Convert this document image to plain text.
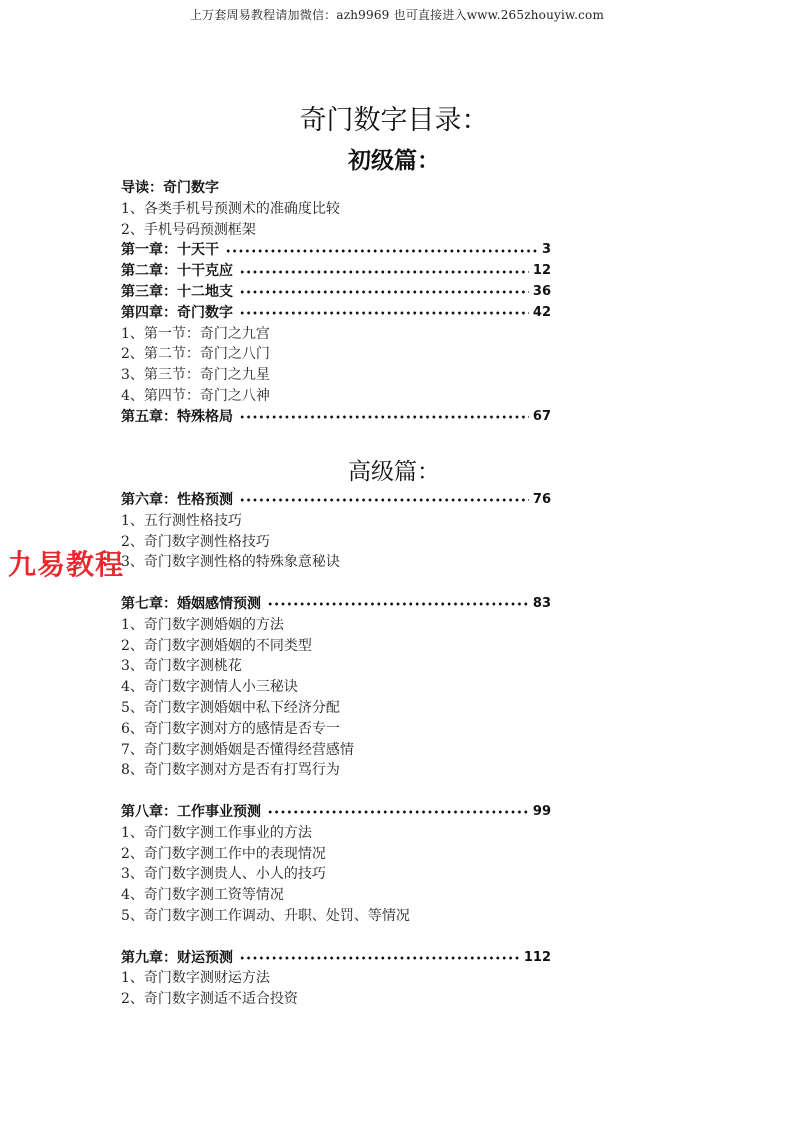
上万套周易教程请加微信：azh9969 也可直接进入www.265zhouyiw.com
奇门数字目录：
初级篇：
导读：奇门数字
1、各类手机号预测术的准确度比较
2、手机号码预测框架
第一章：十天干	3
第二章：十干克应	12
第三章：十二地支	36
第四章：奇门数字	42
1、第一节：奇门之九宫
2、第二节：奇门之八门
3、第三节：奇门之九星
4、第四节：奇门之八神
第五章：特殊格局	67
高级篇：
第六章：性格预测	76
1、五行测性格技巧
2、奇门数字测性格技巧
3、奇门数字测性格的特殊象意秘诀
第七章：婚姻感情预测	83
1、奇门数字测婚姻的方法
2、奇门数字测婚姻的不同类型
3、奇门数字测桃花
4、奇门数字测情人小三秘诀
5、奇门数字测婚姻中私下经济分配
6、奇门数字测对方的感情是否专一
7、奇门数字测婚姻是否懂得经营感情
8、奇门数字测对方是否有打骂行为
第八章：工作事业预测	99
1、奇门数字测工作事业的方法
2、奇门数字测工作中的表现情况
3、奇门数字测贵人、小人的技巧
4、奇门数字测工资等情况
5、奇门数字测工作调动、升职、处罚、等情况
第九章：财运预测	112
1、奇门数字测财运方法
2、奇门数字测适不适合投资
九易教程
